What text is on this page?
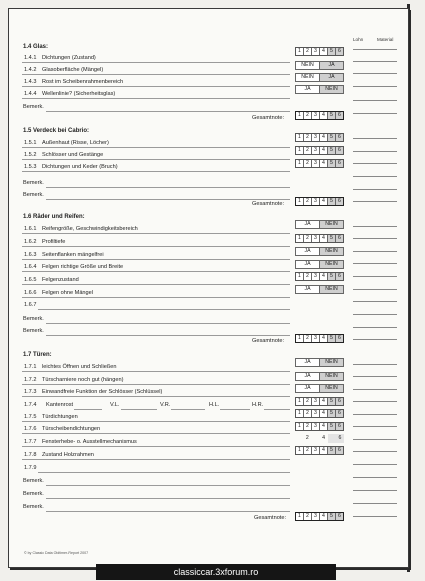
Lohn	Material
1.4 Glas:
1.4.1 Dichtungen (Zustand)
1 2 3 4 5 6
1.4.2 Glasoberfläche (Mängel)
NEIN	JA
1.4.3 Rost im Scheibenrahmenbereich
NEIN	JA
1.4.4 Wellenlinie? (Sicherheitsglas)
JA	NEIN
Bemerk.
Gesamtnote:	1 2 3 4 5 6
1.5 Verdeck bei Cabrio:
1.5.1 Außenhaut (Risse, Löcher)
1 2 3 4 5 6
1.5.2 Schlösser und Gestänge
1 2 3 4 5 6
1.5.3 Dichtungen und Keder (Bruch)
1 2 3 4 5 6
Bemerk.
Bemerk.
Gesamtnote:	1 2 3 4 5 6
1.6 Räder und Reifen:
1.6.1 Reifengröße, Geschwindigkeitsbereich
JA	NEIN
1.6.2 Profiltiefe
1 2 3 4 5 6
1.6.3 Seitenflanken mängelfrei
JA	NEIN
1.6.4 Felgen richtige Größe und Breite	JA	NEIN
1.6.5 Felgenzustand
1 2 3 4 5 6
1.6.6 Felgen ohne Mängel
JA	NEIN
1.6.7
Bemerk.
Bemerk.
Gesamtnote:	1 2 3 4 5 6
1.7 Türen:
1.7.1 leichtes Öffnen und Schließen
JA	NEIN
1.7.2 Türscharniere noch gut (hängen)
JA	NEIN
1.7.3 Einwandfreie Funktion der Schlösser (Schlüssel)
JA	NEIN
1.7.4 Kantenrost	V.L.	V.R.	H.L.	H.R.
1 2 3 4 5 6
1.7.5 Türdichtungen
1 2 3 4 5 6
1.7.6 Türscheibendichtungen	1 2 3 4 5 6
1.7.7 Fensterhebe- o. Ausstellmechanismus
2	4	6
1.7.8 Zustand Holzrahmen
1 2 3 4 5 6
1.7.9
Bemerk.
Bemerk.
Bemerk.
Gesamtnote:	1 2 3 4 5 6
© by Classic Data Oldtimer-Report 2007
classiccar.3xforum.ro
